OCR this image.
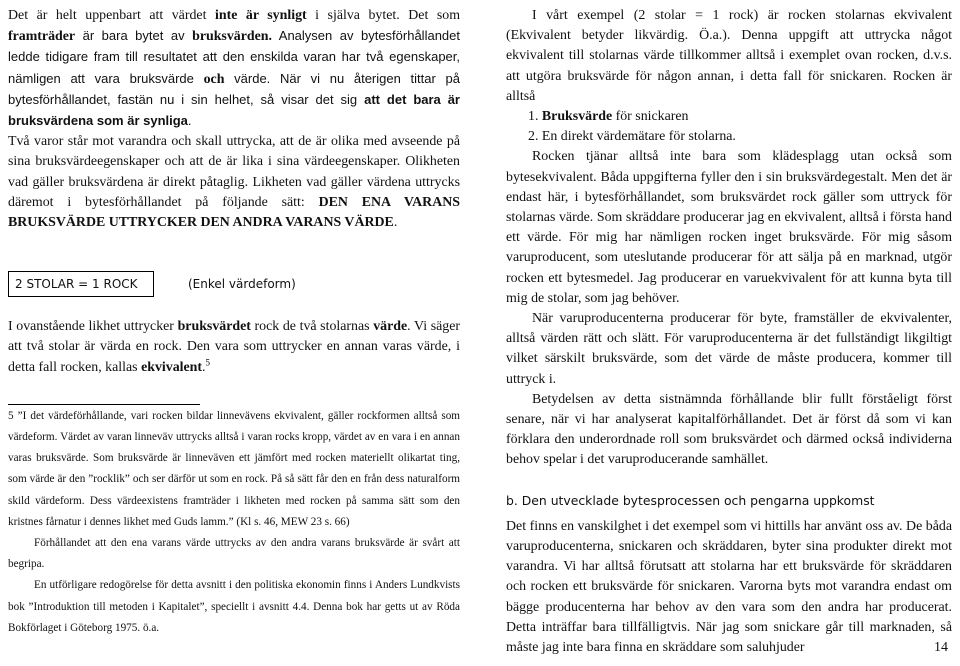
Det är helt uppenbart att värdet inte är synligt i själva bytet. Det som framträder är bara bytet av bruksvärden. Analysen av bytesförhållandet ledde tidigare fram till resultatet att den enskilda varan har två egenskaper, nämligen att vara bruksvärde och värde. När vi nu återigen tittar på bytesförhållandet, fastän nu i sin helhet, så visar det sig att det bara är bruksvärdena som är synliga.

Två varor står mot varandra och skall uttrycka, att de är olika med avseende på sina bruksvärdeegenskaper och att de är lika i sina värdeegenskaper. Olikheten vad gäller bruksvärdena är direkt påtaglig. Likheten vad gäller värdena uttrycks däremot i bytesförhållandet på följande sätt: DEN ENA VARANS BRUKSVÄRDE UTTRYCKER DEN ANDRA VARANS VÄRDE.

2 STOLAR = 1 ROCK	(Enkel värdeform)

I ovanstående likhet uttrycker bruksvärdet rock de två stolarnas värde. Vi säger att två stolar är värda en rock. Den vara som uttrycker en annan varas värde, i detta fall rocken, kallas ekvivalent.$^5$

5 ”I det värdeförhållande, vari rocken bildar linnevävens ekvivalent, gäller rockformen alltså som värdeform. Värdet av varan linneväv uttrycks alltså i varan rocks kropp, värdet av en vara i en annan varas bruksvärde. Som bruksvärde är linneväven ett jämfört med rocken materiellt olikartat ting, som värde är den ”rocklik” och ser därför ut som en rock. På så sätt får den en från dess naturalform skild värdeform. Dess värdeexistens framträder i likheten med rocken på samma sätt som den kristnes fårnatur i dennes likhet med Guds lamm.” (Kl s. 46, MEW 23 s. 66)

Förhållandet att den ena varans värde uttrycks av den andra varans bruksvärde är svårt att begripa.

En utförligare redogörelse för detta avsnitt i den politiska ekonomin finns i Anders Lundkvists bok ”Introduktion till metoden i Kapitalet”, speciellt i avsnitt 4.4. Denna bok har getts ut av Röda Bokförlaget i Göteborg 1975. ö.a.

I vårt exempel (2 stolar = 1 rock) är rocken stolarnas ekvivalent (Ekvivalent betyder likvärdig. Ö.a.). Denna uppgift att uttrycka något ekvivalent till stolarnas värde tillkommer alltså i exemplet ovan rocken, d.v.s. att utgöra bruksvärde för någon annan, i detta fall för snickaren. Rocken är alltså

1. Bruksvärde för snickaren
2. En direkt värdemätare för stolarna.

Rocken tjänar alltså inte bara som klädesplagg utan också som bytesekvivalent. Båda uppgifterna fyller den i sin bruksvärdegestalt. Men det är endast här, i bytesförhållandet, som bruksvärdet rock gäller som uttryck för stolarnas värde. Som skräddare producerar jag en ekvivalent, alltså i första hand ett värde. För mig har nämligen rocken inget bruksvärde. För mig såsom varuproducent, som uteslutande producerar för att sälja på en marknad, utgör rocken ett bytesmedel. Jag producerar en varuekvivalent för att kunna byta till mig de stolar, som jag behöver.

När varuproducenterna producerar för byte, framställer de ekvivalenter, alltså värden rätt och slätt. För varuproducenterna är det fullständigt likgiltigt vilket särskilt bruksvärde, som det värde de måste producera, kommer till uttryck i.

Betydelsen av detta sistnämnda förhållande blir fullt förståeligt först senare, när vi har analyserat kapitalförhållandet. Det är först då som vi kan förklara den underordnade roll som bruksvärdet och därmed också individerna behov spelar i det varuproducerande samhället.

b. Den utvecklade bytesprocessen och pengarna uppkomst

Det finns en vanskilghet i det exempel som vi hittills har använt oss av. De båda varuproducenterna, snickaren och skräddaren, byter sina produkter direkt mot varandra. Vi har alltså förutsatt att stolarna har ett bruksvärde för skräddaren och rocken ett bruksvärde för snickaren. Varorna byts mot varandra endast om bägge producenterna har behov av den vara som den andra har producerat. Detta inträffar bara tillfälligtvis. När jag som snickare går till marknaden, så måste jag inte bara finna en skräddare som saluhjuder	14
